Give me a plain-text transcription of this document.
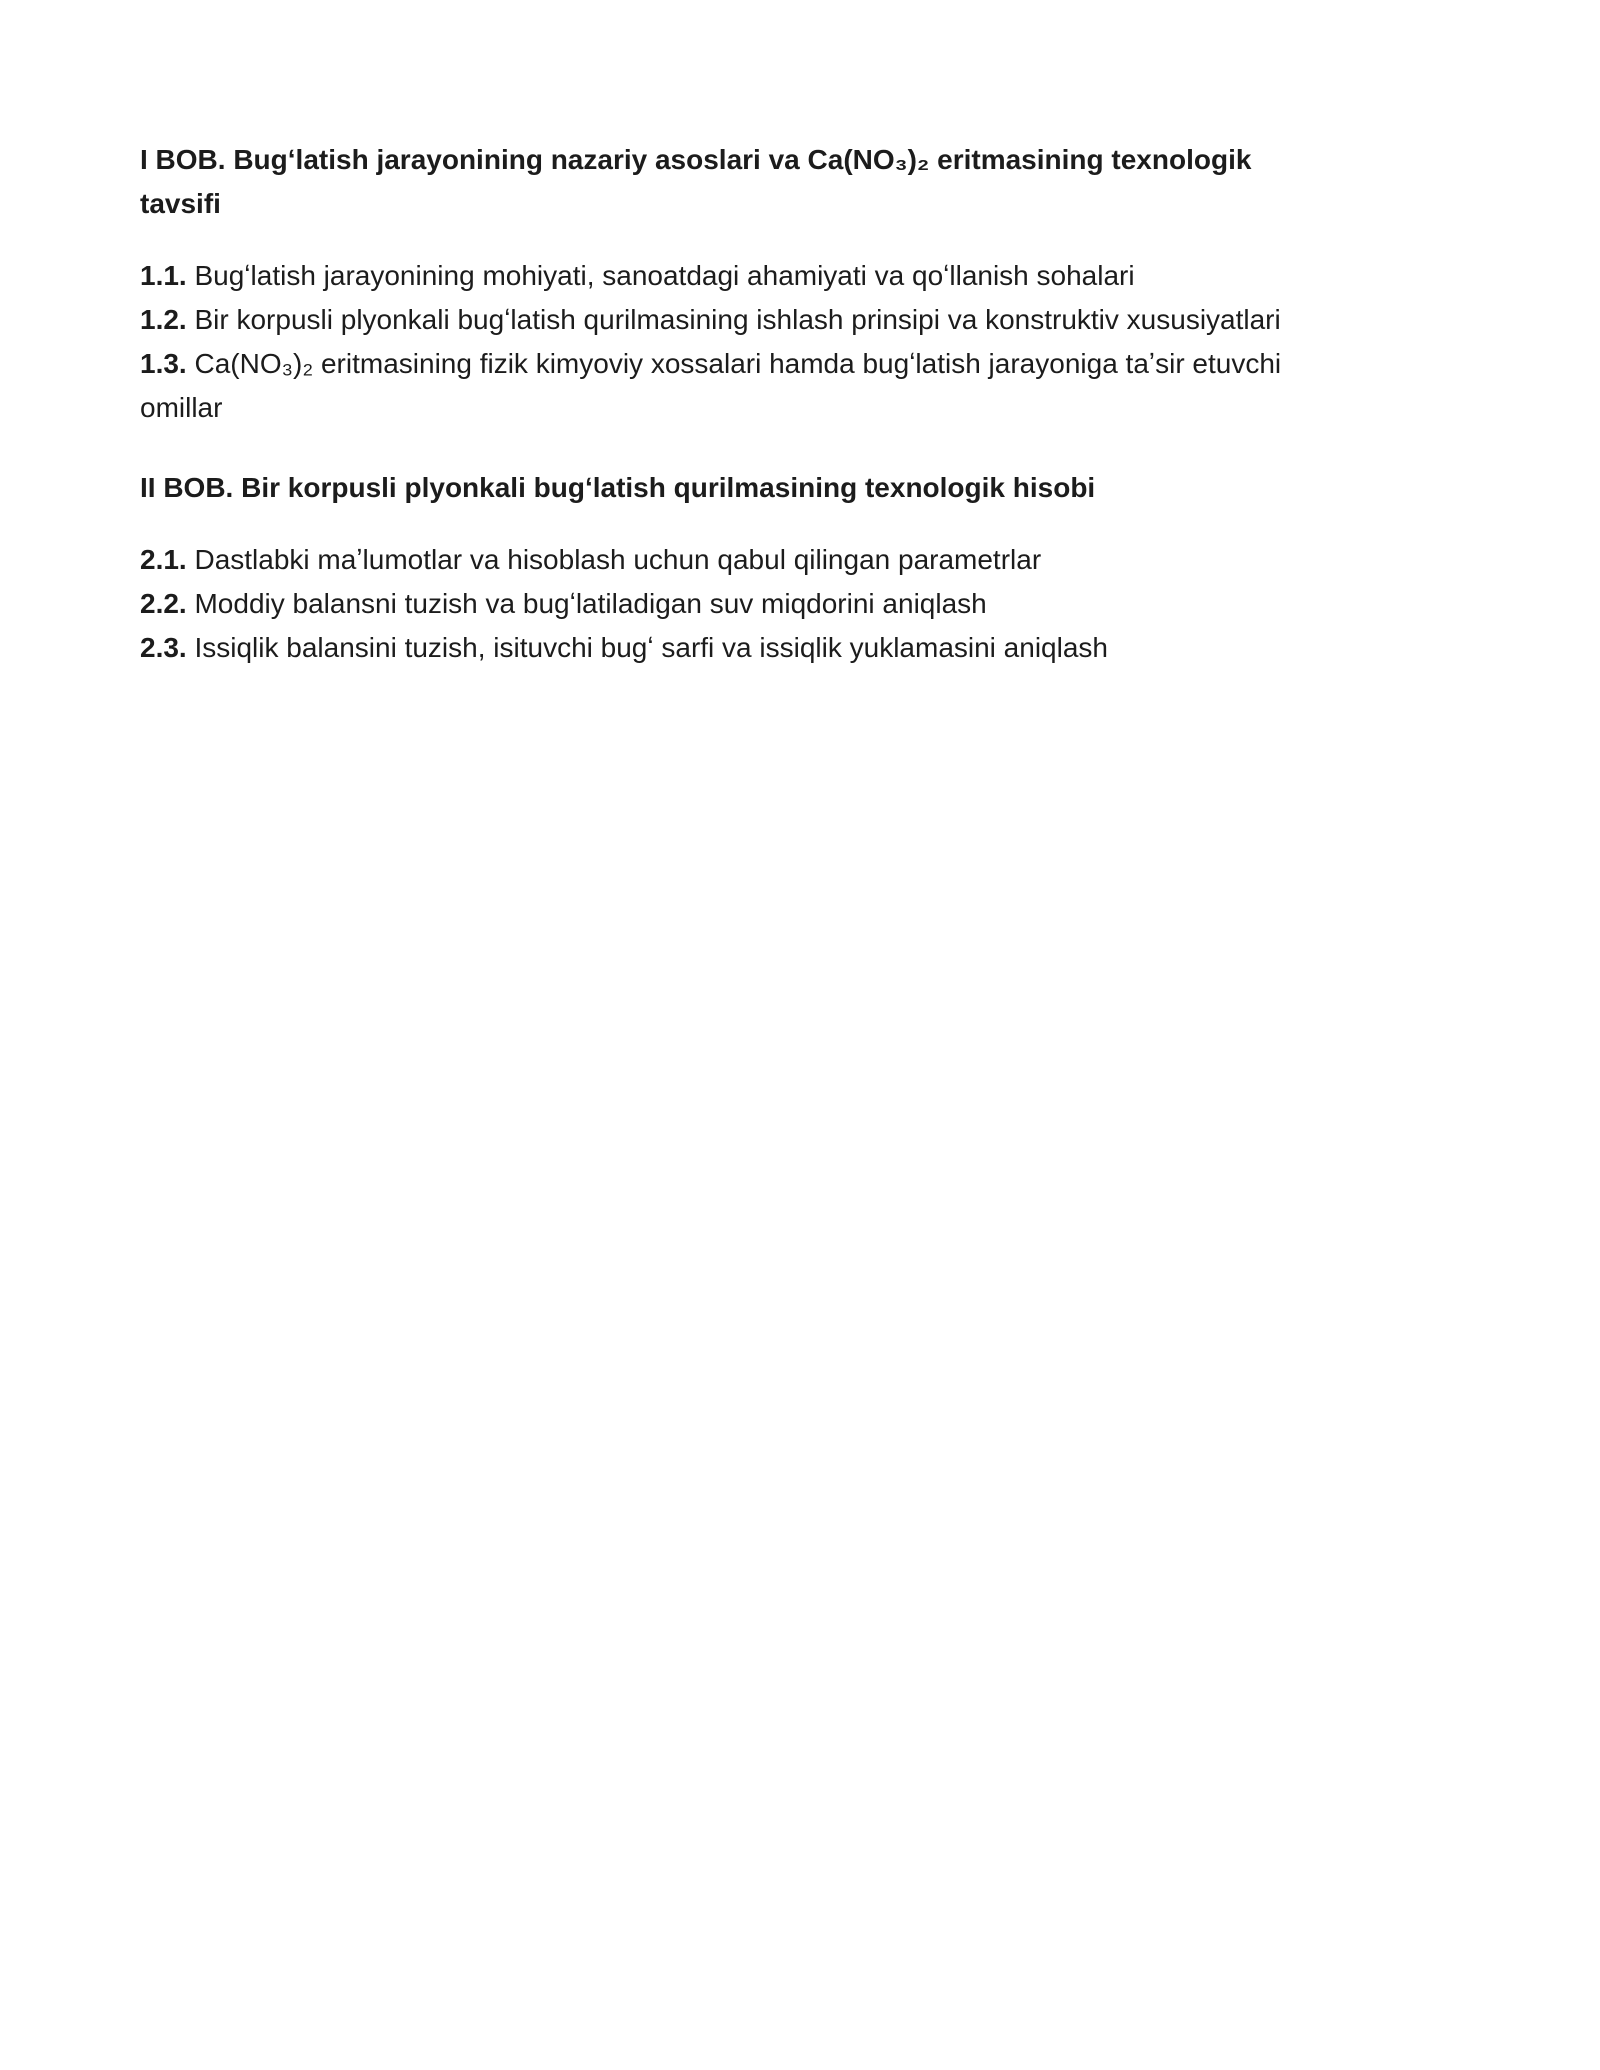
I BOB. Bugʻlatish jarayonining nazariy asoslari va Ca(NO₃)₂ eritmasining texnologik tavsifi

1.1. Bugʻlatish jarayonining mohiyati, sanoatdagi ahamiyati va qoʻllanish sohalari

1.2. Bir korpusli plyonkali bugʻlatish qurilmasining ishlash prinsipi va konstruktiv xususiyatlari

1.3. Ca(NO₃)₂ eritmasining fizik kimyoviy xossalari hamda bugʻlatish jarayoniga taʼsir etuvchi omillar

II BOB. Bir korpusli plyonkali bugʻlatish qurilmasining texnologik hisobi

2.1. Dastlabki maʼlumotlar va hisoblash uchun qabul qilingan parametrlar

2.2. Moddiy balansni tuzish va bugʻlatiladigan suv miqdorini aniqlash

2.3. Issiqlik balansini tuzish, isituvchi bugʻ sarfi va issiqlik yuklamasini aniqlash
